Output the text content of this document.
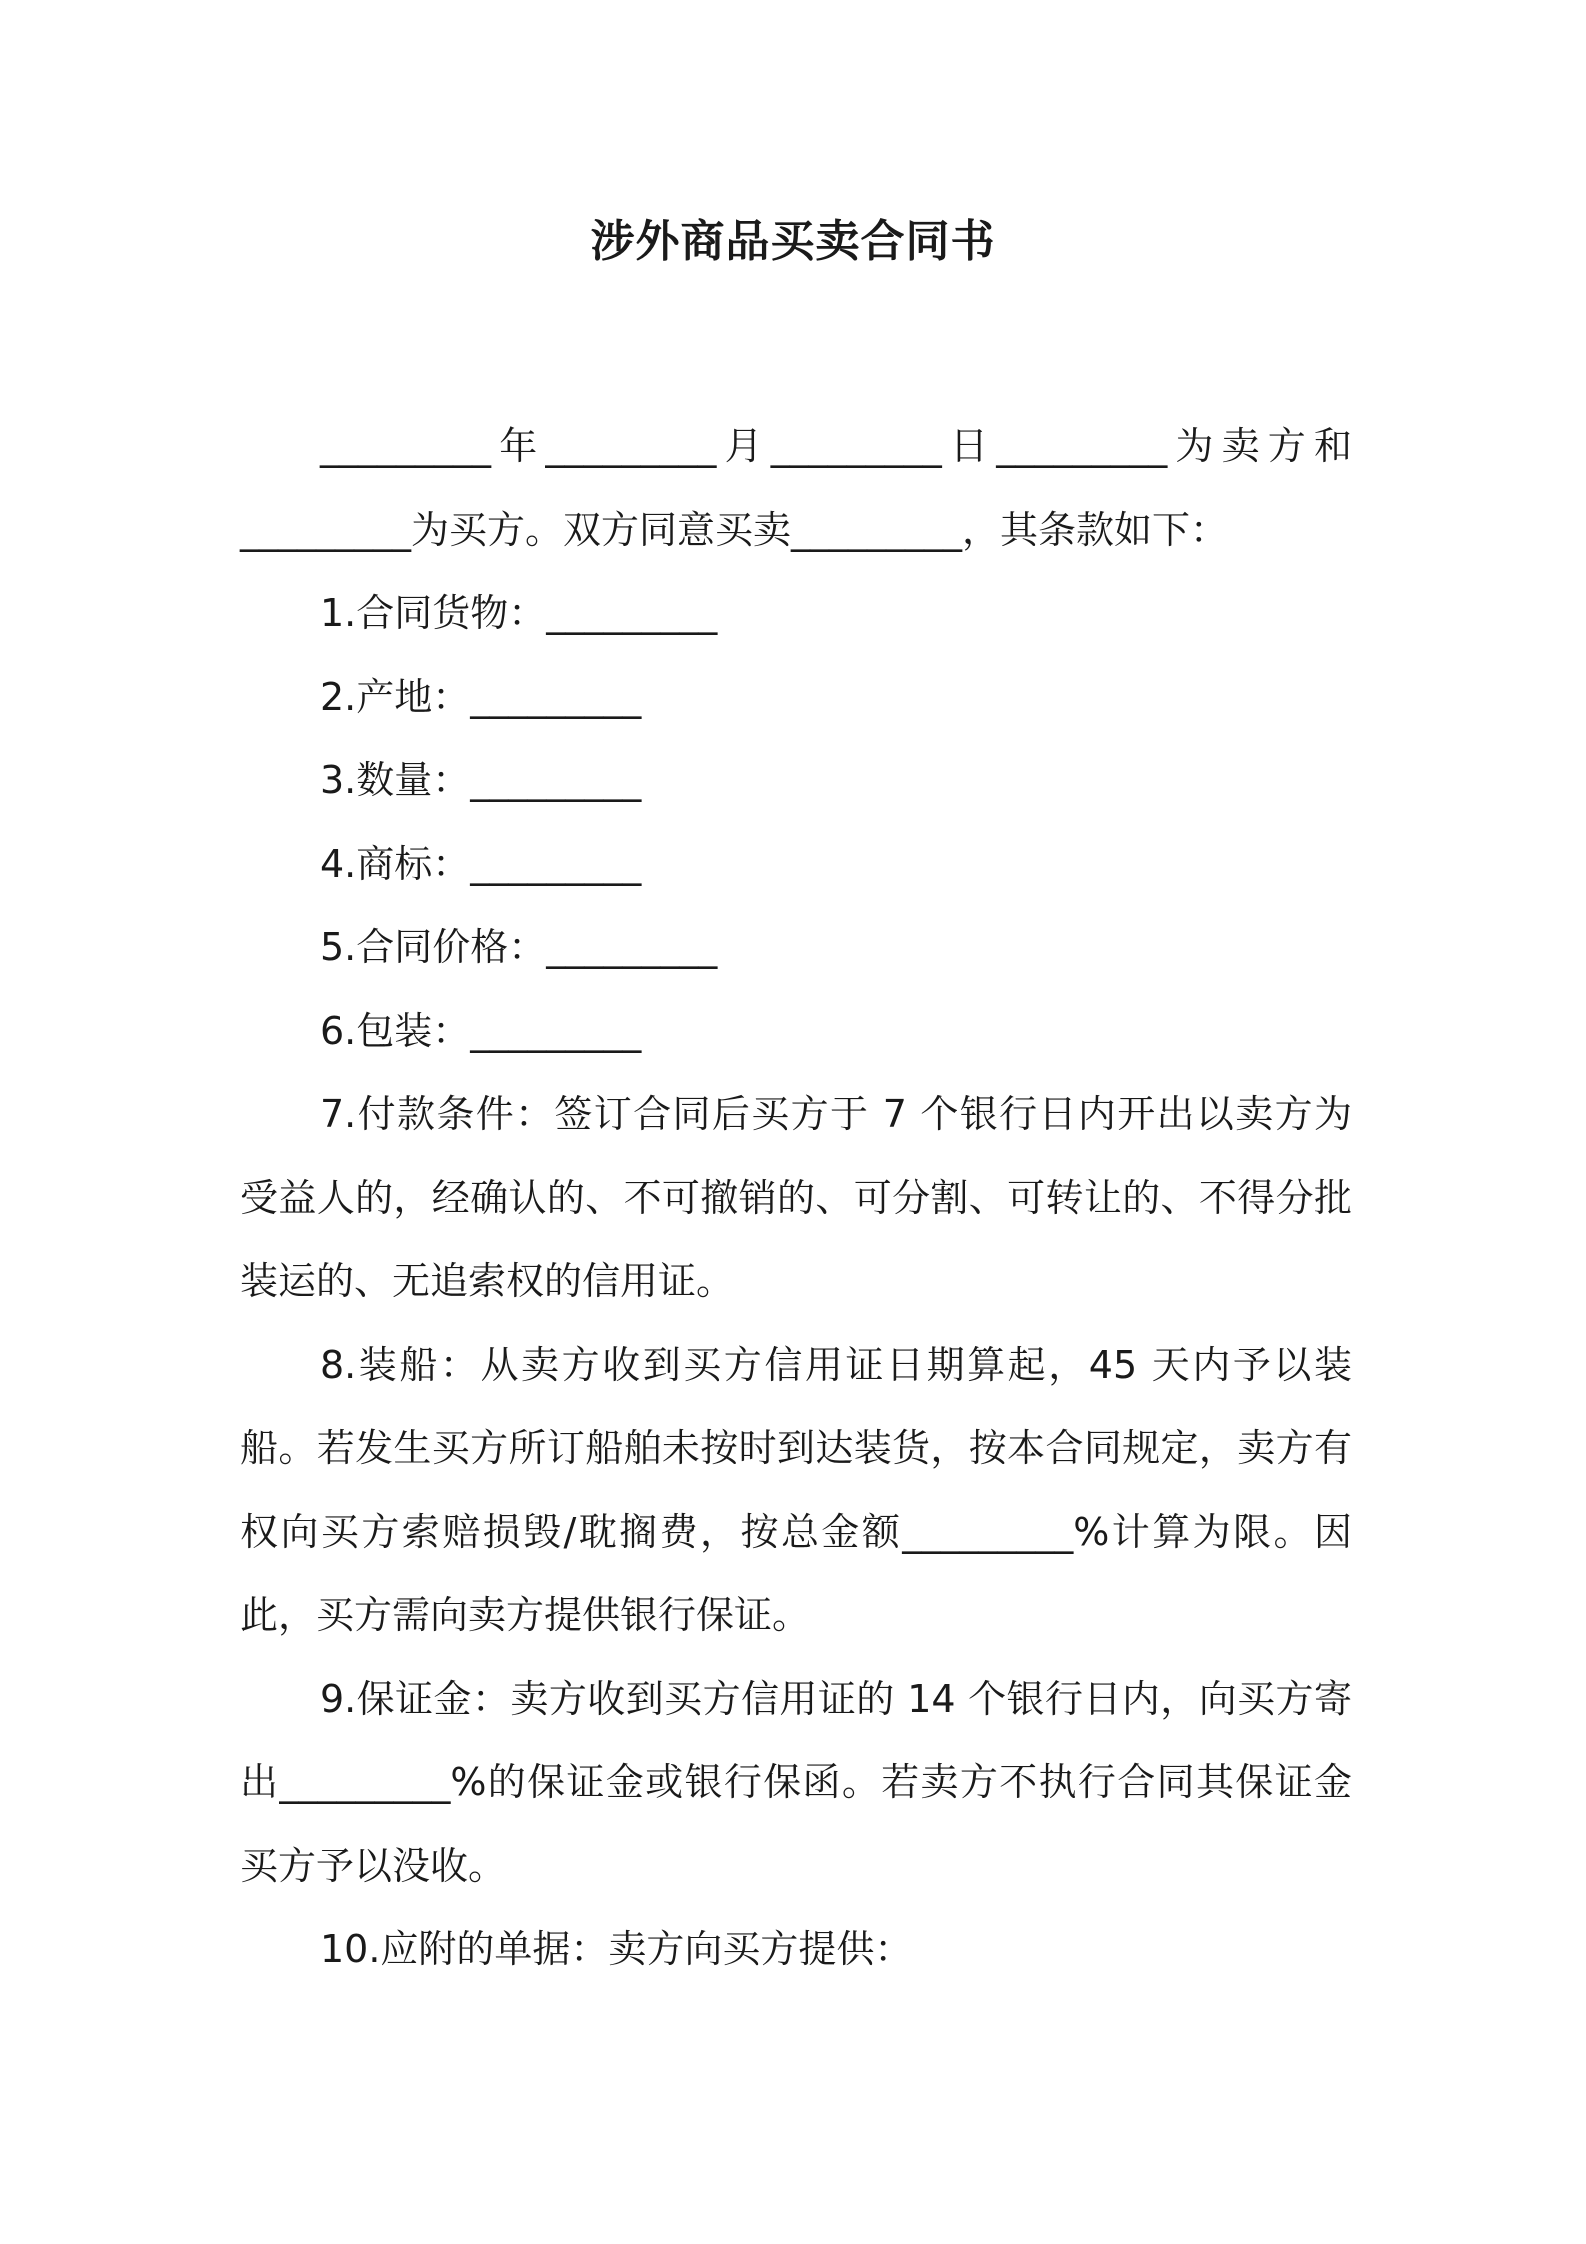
涉外商品买卖合同书

_________年_________月_________日_________为卖方和_________为买方。双方同意买卖_________，其条款如下：

1.合同货物：_________

2.产地：_________

3.数量：_________

4.商标：_________

5.合同价格：_________

6.包装：_________

7.付款条件：签订合同后买方于 7 个银行日内开出以卖方为受益人的，经确认的、不可撤销的、可分割、可转让的、不得分批装运的、无追索权的信用证。

8.装船：从卖方收到买方信用证日期算起，45 天内予以装船。若发生买方所订船舶未按时到达装货，按本合同规定，卖方有权向买方索赔损毁/耽搁费，按总金额_________%计算为限。因此，买方需向卖方提供银行保证。

9.保证金：卖方收到买方信用证的 14 个银行日内，向买方寄出_________%的保证金或银行保函。若卖方不执行合同其保证金买方予以没收。

10.应附的单据：卖方向买方提供：
